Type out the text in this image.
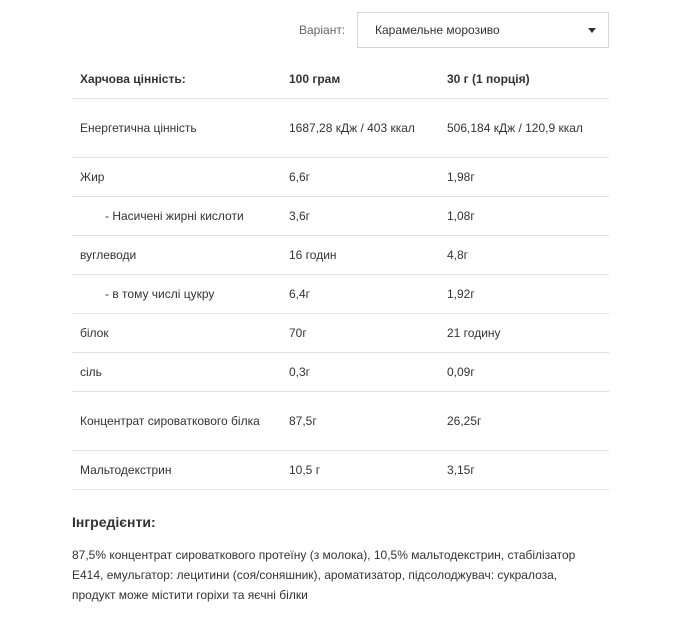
Варіант:	Карамельне морозиво
Харчова цінність:	100 грам	30 г (1 порція)
Енергетична цінність	1687,28 кДж / 403 ккал	506,184 кДж / 120,9 ккал
Жир	6,6г	1,98г
- Насичені жирні кислоти	3,6г	1,08г
вуглеводи	16 годин	4,8г
- в тому числі цукру	6,4г	1,92г
білок	70г	21 годину
сіль	0,3г	0,09г
Концентрат сироваткового білка	87,5г	26,25г
Мальтодекстрин	10,5 г	3,15г
Інгредієнти:
87,5% концентрат сироваткового протеїну (з молока), 10,5% мальтодекстрин, стабілізатор Е414, емульгатор: лецитини (соя/соняшник), ароматизатор, підсолоджувач: сукралоза, продукт може містити горіхи та яєчні білки
